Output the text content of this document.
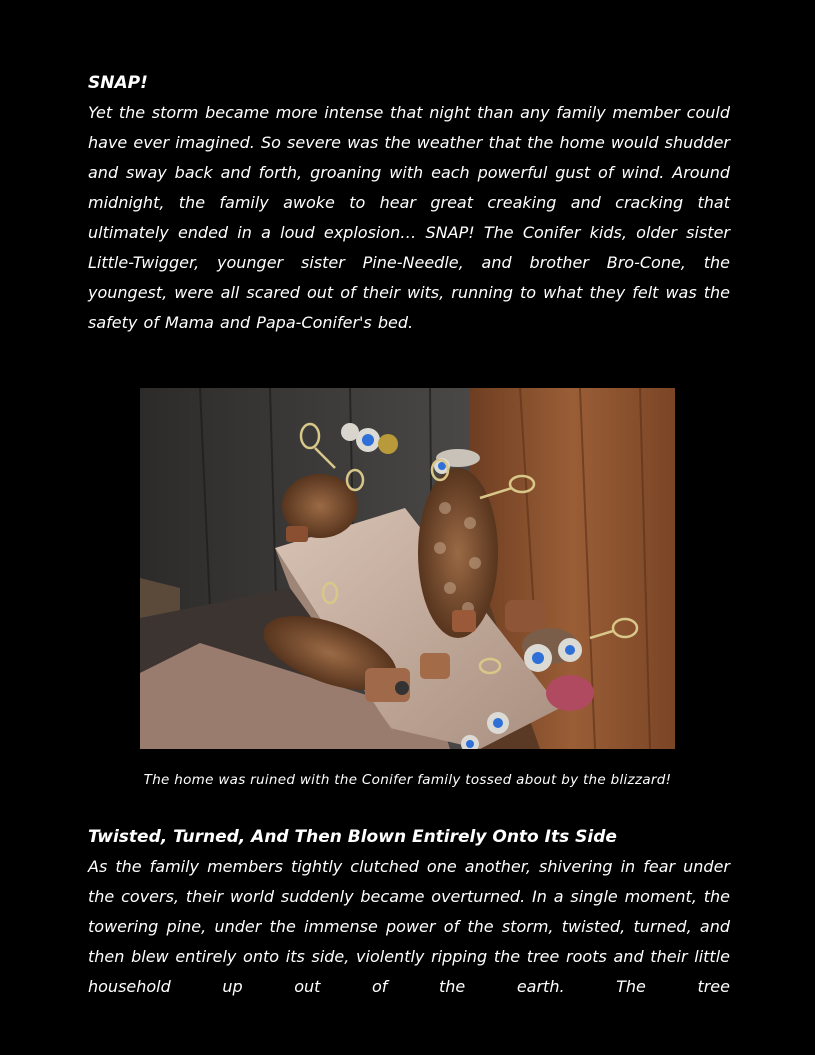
SNAP!

Yet the storm became more intense that night than any family member could have ever imagined. So severe was the weather that the home would shudder and sway back and forth, groaning with each powerful gust of wind. Around midnight, the family awoke to hear great creaking and cracking that ultimately ended in a loud explosion… SNAP! The Conifer kids, older sister Little-Twigger, younger sister Pine-Needle, and brother Bro-Cone, the youngest, were all scared out of their wits, running to what they felt was the safety of Mama and Papa-Conifer's bed.

The home was ruined with the Conifer family tossed about by the blizzard!

Twisted, Turned, And Then Blown Entirely Onto Its Side

As the family members tightly clutched one another, shivering in fear under the covers, their world suddenly became overturned. In a single moment, the towering pine, under the immense power of the storm, twisted, turned, and then blew entirely onto its side, violently ripping the tree roots and their little household up out of the earth. The tree
